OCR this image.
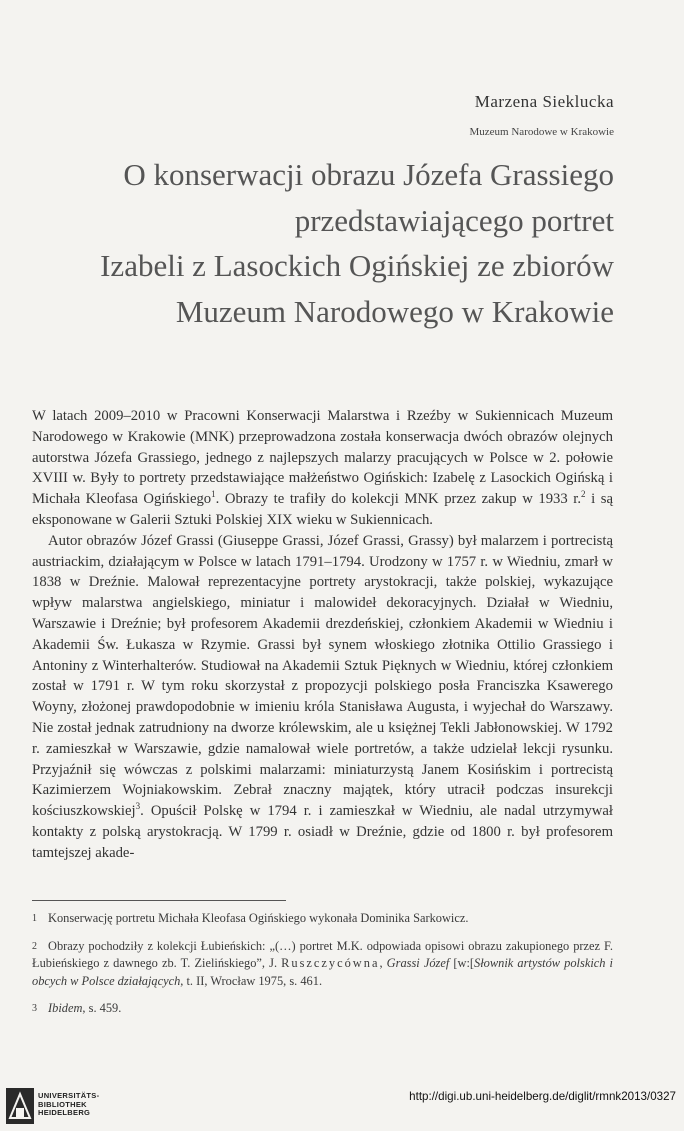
Marzena Sieklucka
Muzeum Narodowe w Krakowie
O konserwacji obrazu Józefa Grassiego
przedstawiającego portret
Izabeli z Lasockich Ogińskiej ze zbiorów
Muzeum Narodowego w Krakowie

W latach 2009–2010 w Pracowni Konserwacji Malarstwa i Rzeźby w Sukiennicach Muzeum Narodowego w Krakowie (MNK) przeprowadzona została konserwacja dwóch obrazów olejnych autorstwa Józefa Grassiego, jednego z najlepszych malarzy pracujących w Polsce w 2. połowie XVIII w. Były to portrety przedstawiające małżeństwo Ogińskich: Izabelę z Lasockich Ogińską i Michała Kleofasa Ogińskiego$^1$. Obrazy te trafiły do kolekcji MNK przez zakup w 1933 r.$^2$ i są eksponowane w Galerii Sztuki Polskiej XIX wieku w Sukiennicach.

Autor obrazów Józef Grassi (Giuseppe Grassi, Józef Grassi, Grassy) był malarzem i portrecistą austriackim, działającym w Polsce w latach 1791–1794. Urodzony w 1757 r. w Wiedniu, zmarł w 1838 w Dreźnie. Malował reprezentacyjne portrety arystokracji, także polskiej, wykazujące wpływ malarstwa angielskiego, miniatur i malowideł dekoracyjnych. Działał w Wiedniu, Warszawie i Dreźnie; był profesorem Akademii drezdeńskiej, członkiem Akademii w Wiedniu i Akademii Św. Łukasza w Rzymie. Grassi był synem włoskiego złotnika Ottilio Grassiego i Antoniny z Winterhalterów. Studiował na Akademii Sztuk Pięknych w Wiedniu, której członkiem został w 1791 r. W tym roku skorzystał z propozycji polskiego posła Franciszka Ksawerego Woyny, złożonej prawdopodobnie w imieniu króla Stanisława Augusta, i wyjechał do Warszawy. Nie został jednak zatrudniony na dworze królewskim, ale u księżnej Tekli Jabłonowskiej. W 1792 r. zamieszkał w Warszawie, gdzie namalował wiele portretów, a także udzielał lekcji rysunku. Przyjaźnił się wówczas z polskimi malarzami: miniaturzystą Janem Kosińskim i portrecistą Kazimierzem Wojniakowskim. Zebrał znaczny majątek, który utracił podczas insurekcji kościuszkowskiej$^3$. Opuścił Polskę w 1794 r. i zamieszkał w Wiedniu, ale nadal utrzymywał kontakty z polską arystokracją. W 1799 r. osiadł w Dreźnie, gdzie od 1800 r. był profesorem tamtejszej akade-

1 Konserwację portretu Michała Kleofasa Ogińskiego wykonała Dominika Sarkowicz.
2 Obrazy pochodziły z kolekcji Łubieńskich: „(…) portret M.K. odpowiada opisowi obrazu zakupionego przez F. Łubieńskiego z dawnego zb. T. Zielińskiego”, J. Ruszczycówna, Grassi Józef [w:[Słownik artystów polskich i obcych w Polsce działających, t. II, Wrocław 1975, s. 461.
3 Ibidem, s. 459.
UNIVERSITÄTS-
BIBLIOTHEK
HEIDELBERG
http://digi.ub.uni-heidelberg.de/diglit/rmnk2013/0327
